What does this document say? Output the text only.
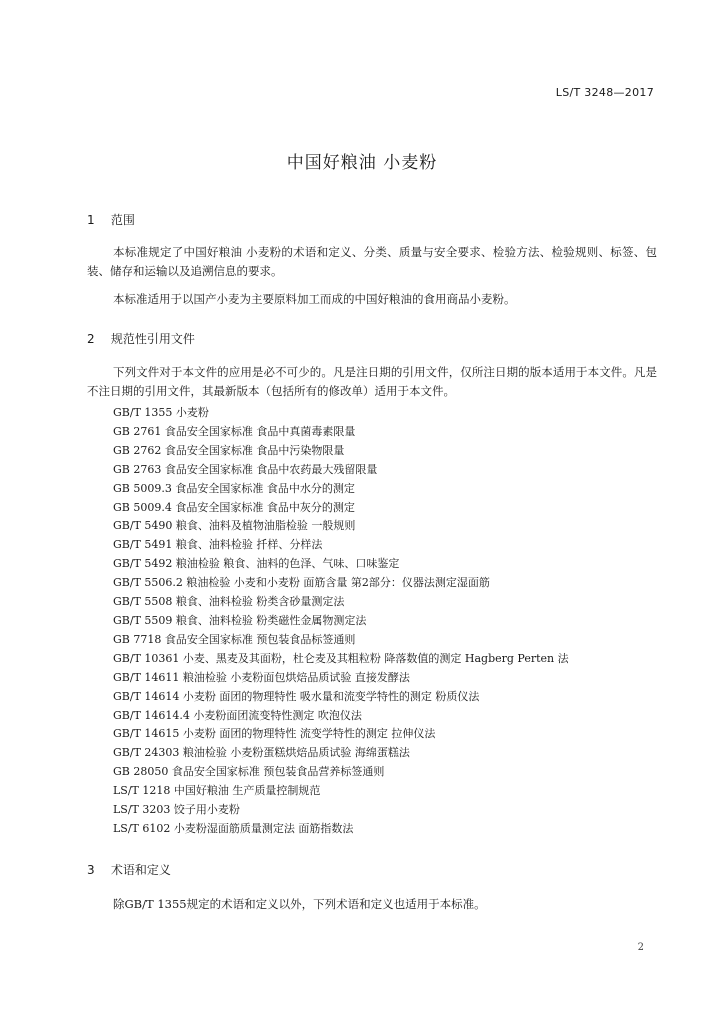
LS/T 3248—2017
中国好粮油 小麦粉
1 范围

本标准规定了中国好粮油 小麦粉的术语和定义、分类、质量与安全要求、检验方法、检验规则、标签、包装、储存和运输以及追溯信息的要求。

本标准适用于以国产小麦为主要原料加工而成的中国好粮油的食用商品小麦粉。

2 规范性引用文件

下列文件对于本文件的应用是必不可少的。凡是注日期的引用文件，仅所注日期的版本适用于本文件。凡是不注日期的引用文件，其最新版本（包括所有的修改单）适用于本文件。

GB/T 1355 小麦粉
GB 2761 食品安全国家标准 食品中真菌毒素限量
GB 2762 食品安全国家标准 食品中污染物限量
GB 2763 食品安全国家标准 食品中农药最大残留限量
GB 5009.3 食品安全国家标准 食品中水分的测定
GB 5009.4 食品安全国家标准 食品中灰分的测定
GB/T 5490 粮食、油料及植物油脂检验 一般规则
GB/T 5491 粮食、油料检验 扦样、分样法
GB/T 5492 粮油检验 粮食、油料的色泽、气味、口味鉴定
GB/T 5506.2 粮油检验 小麦和小麦粉 面筋含量 第2部分：仪器法测定湿面筋
GB/T 5508 粮食、油料检验 粉类含砂量测定法
GB/T 5509 粮食、油料检验 粉类磁性金属物测定法
GB 7718 食品安全国家标准 预包装食品标签通则
GB/T 10361 小麦、黑麦及其面粉，杜仑麦及其粗粒粉 降落数值的测定 Hagberg Perten 法
GB/T 14611 粮油检验 小麦粉面包烘焙品质试验 直接发酵法
GB/T 14614 小麦粉 面团的物理特性 吸水量和流变学特性的测定 粉质仪法
GB/T 14614.4 小麦粉面团流变特性测定 吹泡仪法
GB/T 14615 小麦粉 面团的物理特性 流变学特性的测定 拉伸仪法
GB/T 24303 粮油检验 小麦粉蛋糕烘焙品质试验 海绵蛋糕法
GB 28050 食品安全国家标准 预包装食品营养标签通则
LS/T 1218 中国好粮油 生产质量控制规范
LS/T 3203 饺子用小麦粉
LS/T 6102 小麦粉湿面筋质量测定法 面筋指数法
3 术语和定义

除GB/T 1355规定的术语和定义以外，下列术语和定义也适用于本标准。

2
